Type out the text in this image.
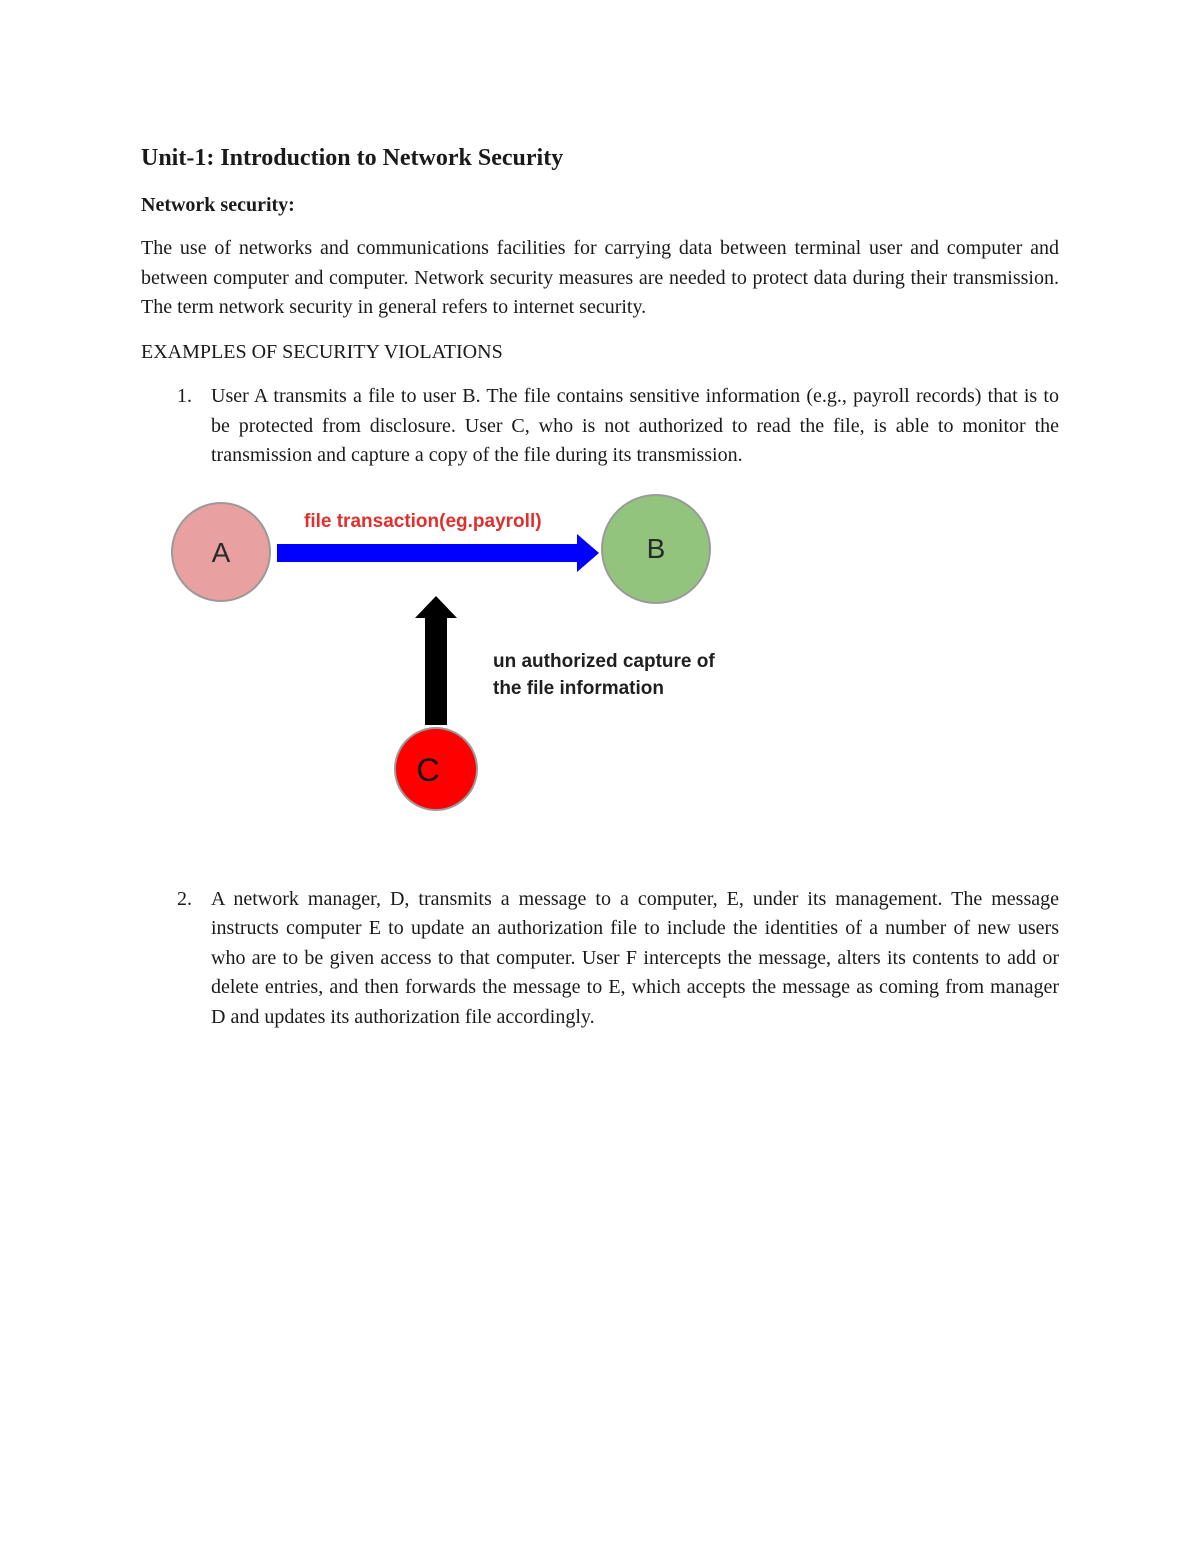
Unit-1: Introduction to Network Security
Network security:

The use of networks and communications facilities for carrying data between terminal user and computer and between computer and computer. Network security measures are needed to protect data during their transmission. The term network security in general refers to internet security.

EXAMPLES OF SECURITY VIOLATIONS

1. User A transmits a file to user B. The file contains sensitive information (e.g., payroll records) that is to be protected from disclosure. User C, who is not authorized to read the file, is able to monitor the transmission and capture a copy of the file during its transmission.
A	B
C
file transaction(eg.payroll)
un authorized capture of
the file information
2. A network manager, D, transmits a message to a computer, E, under its management. The message instructs computer E to update an authorization file to include the identities of a number of new users who are to be given access to that computer. User F intercepts the message, alters its contents to add or delete entries, and then forwards the message to E, which accepts the message as coming from manager D and updates its authorization file accordingly.
